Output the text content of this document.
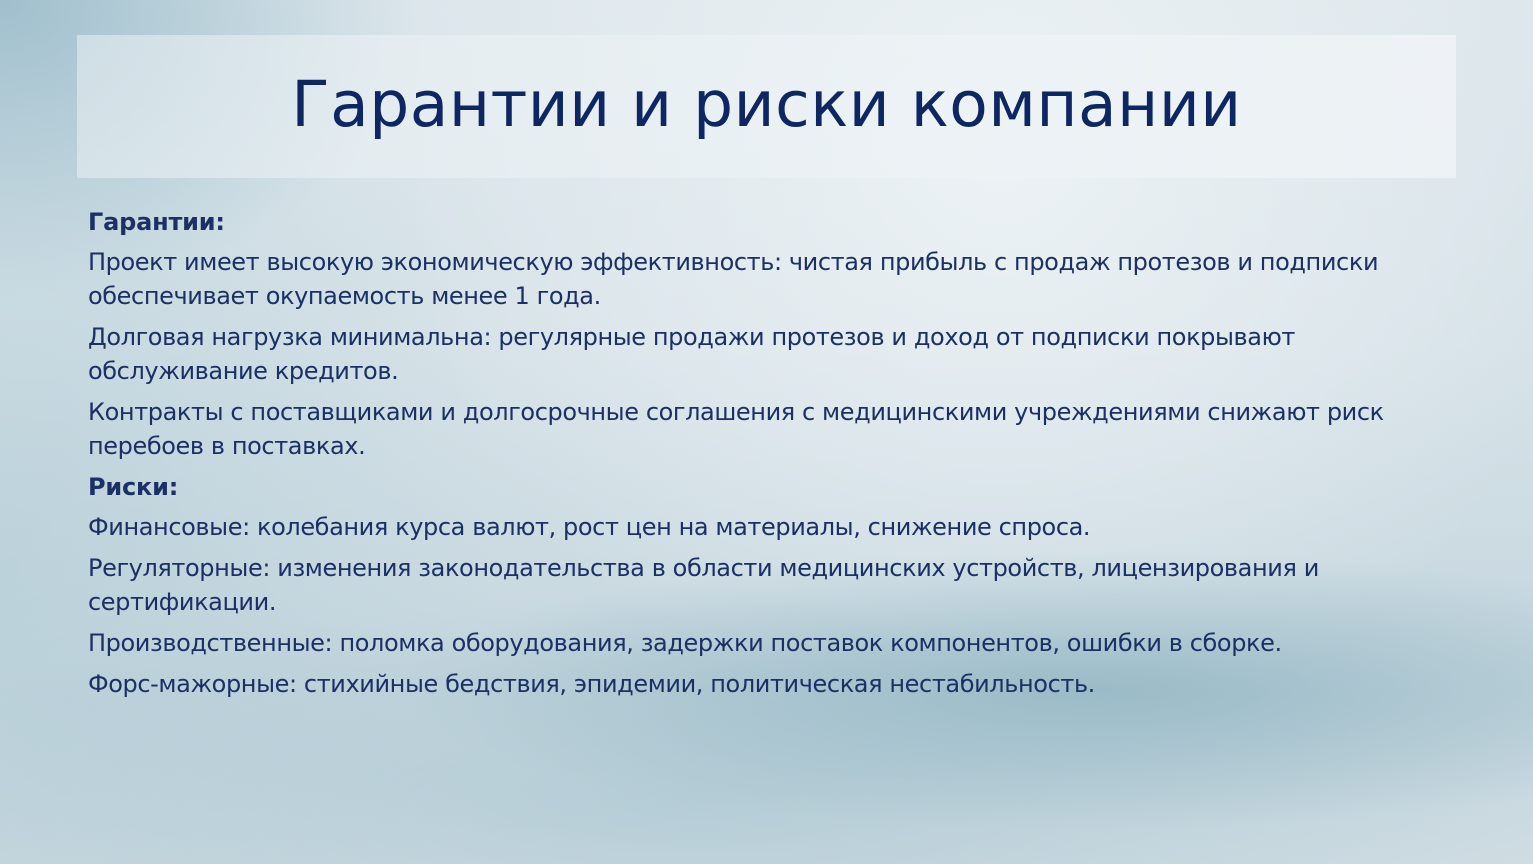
Гарантии и риски компании
Гарантии:
Проект имеет высокую экономическую эффективность: чистая прибыль с продаж протезов и подписки обеспечивает окупаемость менее 1 года.
Долговая нагрузка минимальна: регулярные продажи протезов и доход от подписки покрывают обслуживание кредитов.
Контракты с поставщиками и долгосрочные соглашения с медицинскими учреждениями снижают риск перебоев в поставках.
Риски:
Финансовые: колебания курса валют, рост цен на материалы, снижение спроса.
Регуляторные: изменения законодательства в области медицинских устройств, лицензирования и сертификации.
Производственные: поломка оборудования, задержки поставок компонентов, ошибки в сборке.
Форс-мажорные: стихийные бедствия, эпидемии, политическая нестабильность.
